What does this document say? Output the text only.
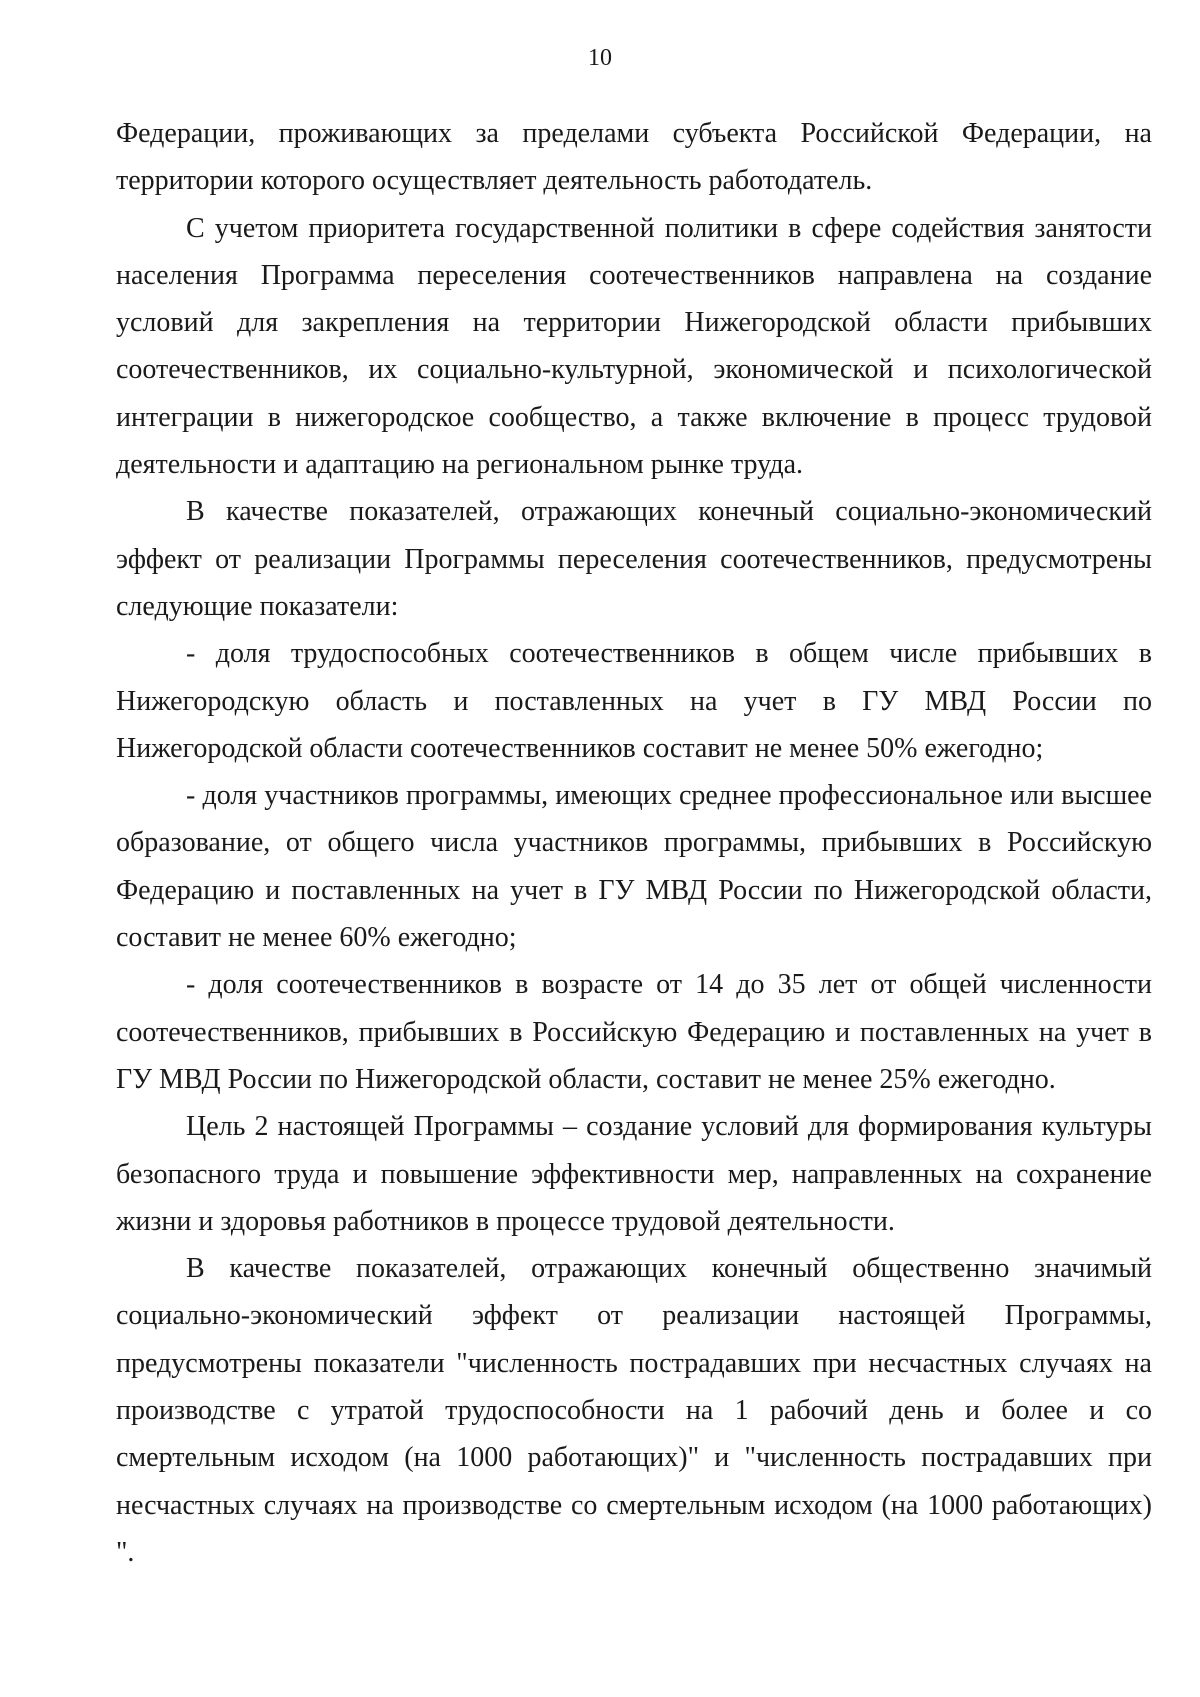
10

Федерации, проживающих за пределами субъекта Российской Федерации, на территории которого осуществляет деятельность работодатель.

С учетом приоритета государственной политики в сфере содействия занятости населения Программа переселения соотечественников направлена на создание условий для закрепления на территории Нижегородской области прибывших соотечественников, их социально-культурной, экономической и психологической интеграции в нижегородское сообщество, а также включение в процесс трудовой деятельности и адаптацию на региональном рынке труда.

В качестве показателей, отражающих конечный социально-экономический эффект от реализации Программы переселения соотечественников, предусмотрены следующие показатели:

- доля трудоспособных соотечественников в общем числе прибывших в Нижегородскую область и поставленных на учет в ГУ МВД России по Нижегородской области соотечественников составит не менее 50% ежегодно;

- доля участников программы, имеющих среднее профессиональное или высшее образование, от общего числа участников программы, прибывших в Российскую Федерацию и поставленных на учет в ГУ МВД России по Нижегородской области, составит не менее 60% ежегодно;

- доля соотечественников в возрасте от 14 до 35 лет от общей численности соотечественников, прибывших в Российскую Федерацию и поставленных на учет в ГУ МВД России по Нижегородской области, составит не менее 25% ежегодно.

Цель 2 настоящей Программы – создание условий для формирования культуры безопасного труда и повышение эффективности мер, направленных на сохранение жизни и здоровья работников в процессе трудовой деятельности.

В качестве показателей, отражающих конечный общественно значимый социально-экономический эффект от реализации настоящей Программы, предусмотрены показатели "численность пострадавших при несчастных случаях на производстве с утратой трудоспособности на 1 рабочий день и более и со смертельным исходом (на 1000 работающих)" и "численность пострадавших при несчастных случаях на производстве со смертельным исходом (на 1000 работающих) ".
